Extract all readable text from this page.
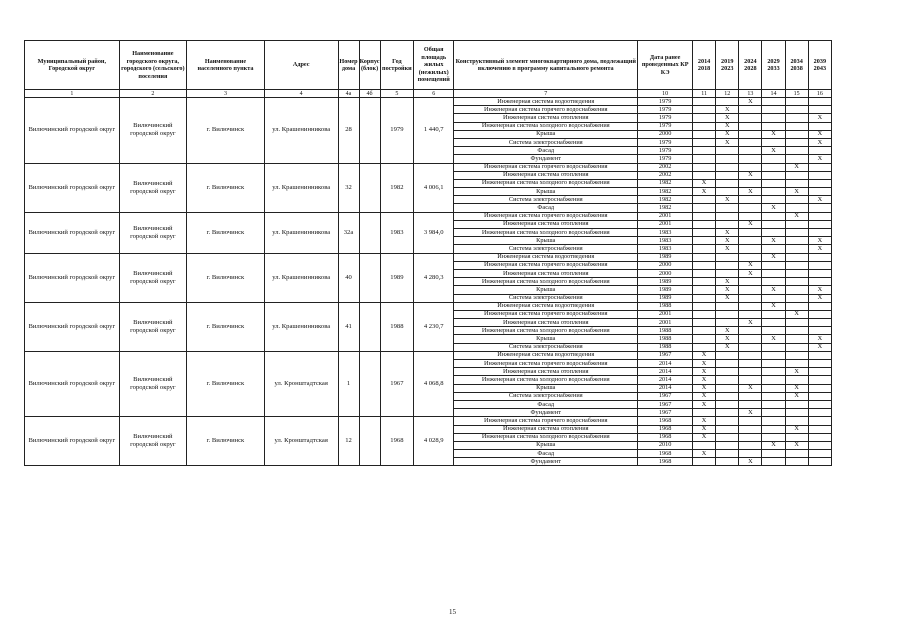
Муниципальный район, Городской округ	Наименование городского округа, городского (сельского) поселения	Наименование населенного пункта	Адрес	Номер дома	Корпус (блок)	Год постройки	Общая площадь жилых (нежилых) помещений	Конструктивный элемент многоквартирного дома, подлежащий включению в программу капитального ремонта	Дата ранее проведенных КР КЭ	2014 2018	2019 2023	2024 2028	2029 2033	2034 2038	2039 2043
1	2	3	4	4а	4б	5	6	7	10	11	12	13	14	15	16
Вилючинский городской округ	Вилючинский городской округ	г. Вилючинск	ул. Крашенинникова	28		1979	1 440,7	Инженерная система водоотведения	1979			X			
								Инженерная система горячего водоснабжения	1979		X				
								Инженерная система отопления	1979		X				X
								Инженерная система холодного водоснабжения	1979		X				
								Крыша	2000		X		X		X
								Система электроснабжения	1979		X				X
								Фасад	1979				X		
								Фундамент	1979						X
Вилючинский городской округ	Вилючинский городской округ	г. Вилючинск	ул. Крашенинникова	32		1982	4 006,1	Инженерная система горячего водоснабжения	2002					X	
								Инженерная система отопления	2002			X			
								Инженерная система холодного водоснабжения	1982	X					
								Крыша	1982	X		X		X	
								Система электроснабжения	1982		X				X
								Фасад	1982				X		
Вилючинский городской округ	Вилючинский городской округ	г. Вилючинск	ул. Крашенинникова	32а		1983	3 984,0	Инженерная система горячего водоснабжения	2001					X	
								Инженерная система отопления	2001			X			
								Инженерная система холодного водоснабжения	1983		X				
								Крыша	1983		X		X		X
								Система электроснабжения	1983		X				X
Вилючинский городской округ	Вилючинский городской округ	г. Вилючинск	ул. Крашенинникова	40		1989	4 280,3	Инженерная система водоотведения	1989				X		
								Инженерная система горячего водоснабжения	2000			X			
								Инженерная система отопления	2000			X			
								Инженерная система холодного водоснабжения	1989		X				
								Крыша	1989		X		X		X
								Система электроснабжения	1989		X				X
Вилючинский городской округ	Вилючинский городской округ	г. Вилючинск	ул. Крашенинникова	41		1988	4 230,7	Инженерная система водоотведения	1988				X		
								Инженерная система горячего водоснабжения	2001					X	
								Инженерная система отопления	2001			X			
								Инженерная система холодного водоснабжения	1988		X				
								Крыша	1988		X		X		X
								Система электроснабжения	1988		X				X
Вилючинский городской округ	Вилючинский городской округ	г. Вилючинск	ул. Кронштадтская	1		1967	4 068,8	Инженерная система водоотведения	1967	X					
								Инженерная система горячего водоснабжения	2014	X					
								Инженерная система отопления	2014	X				X	
								Инженерная система холодного водоснабжения	2014	X					
								Крыша	2014	X		X		X	
								Система электроснабжения	1967	X				X	
								Фасад	1967	X					
								Фундамент	1967			X			
Вилючинский городской округ	Вилючинский городской округ	г. Вилючинск	ул. Кронштадтская	12		1968	4 028,9	Инженерная система горячего водоснабжения	1968	X					
								Инженерная система отопления	1968	X				X	
								Инженерная система холодного водоснабжения	1968	X					
								Крыша	2010				X	X	
								Фасад	1968	X					
								Фундамент	1968			X			
15
